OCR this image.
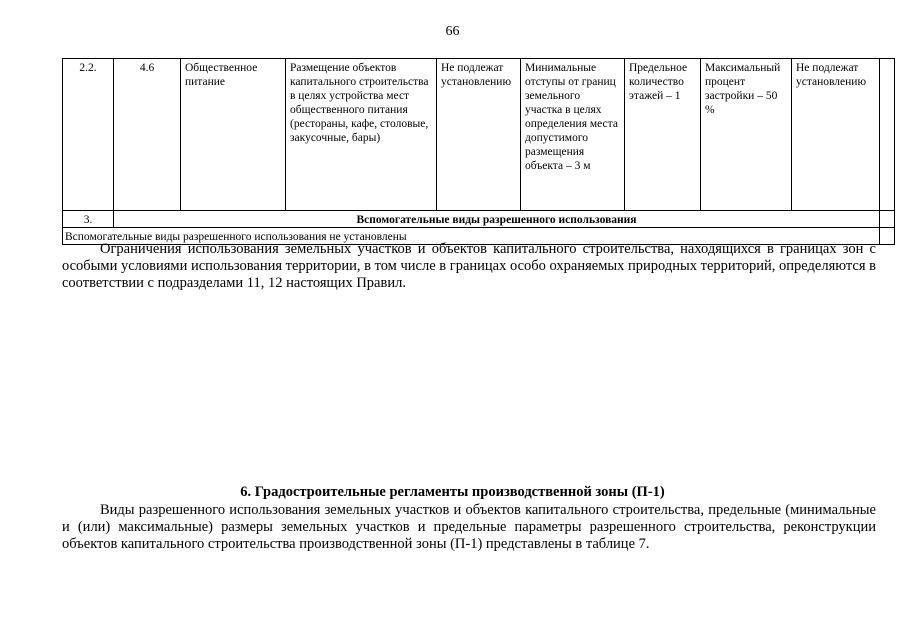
66
2.2.	4.6	Общественное питание	Размещение объектов капитального строительства в целях устройства мест общественного питания (рестораны, кафе, столовые, закусочные, бары)	Не подлежат установлению	Минимальные отступы от границ земельного участка в целях определения места допустимого размещения объекта – 3 м	Предельное количество этажей – 1	Максимальный процент застройки – 50 %	Не подлежат установлению	
3.	Вспомогательные виды разрешенного использования								
Вспомогательные виды разрешенного использования не установлены									
Ограничения использования земельных участков и объектов капитального строительства, находящихся в границах зон с особыми условиями использования территории, в том числе в границах особо охраняемых природных территорий, определяются в соответствии с подразделами 11, 12 настоящих Правил.
6. Градостроительные регламенты производственной зоны (П-1)
Виды разрешенного использования земельных участков и объектов капитального строительства, предельные (минимальные и (или) максимальные) размеры земельных участков и предельные параметры разрешенного строительства, реконструкции объектов капитального строительства производственной зоны (П-1) представлены в таблице 7.
